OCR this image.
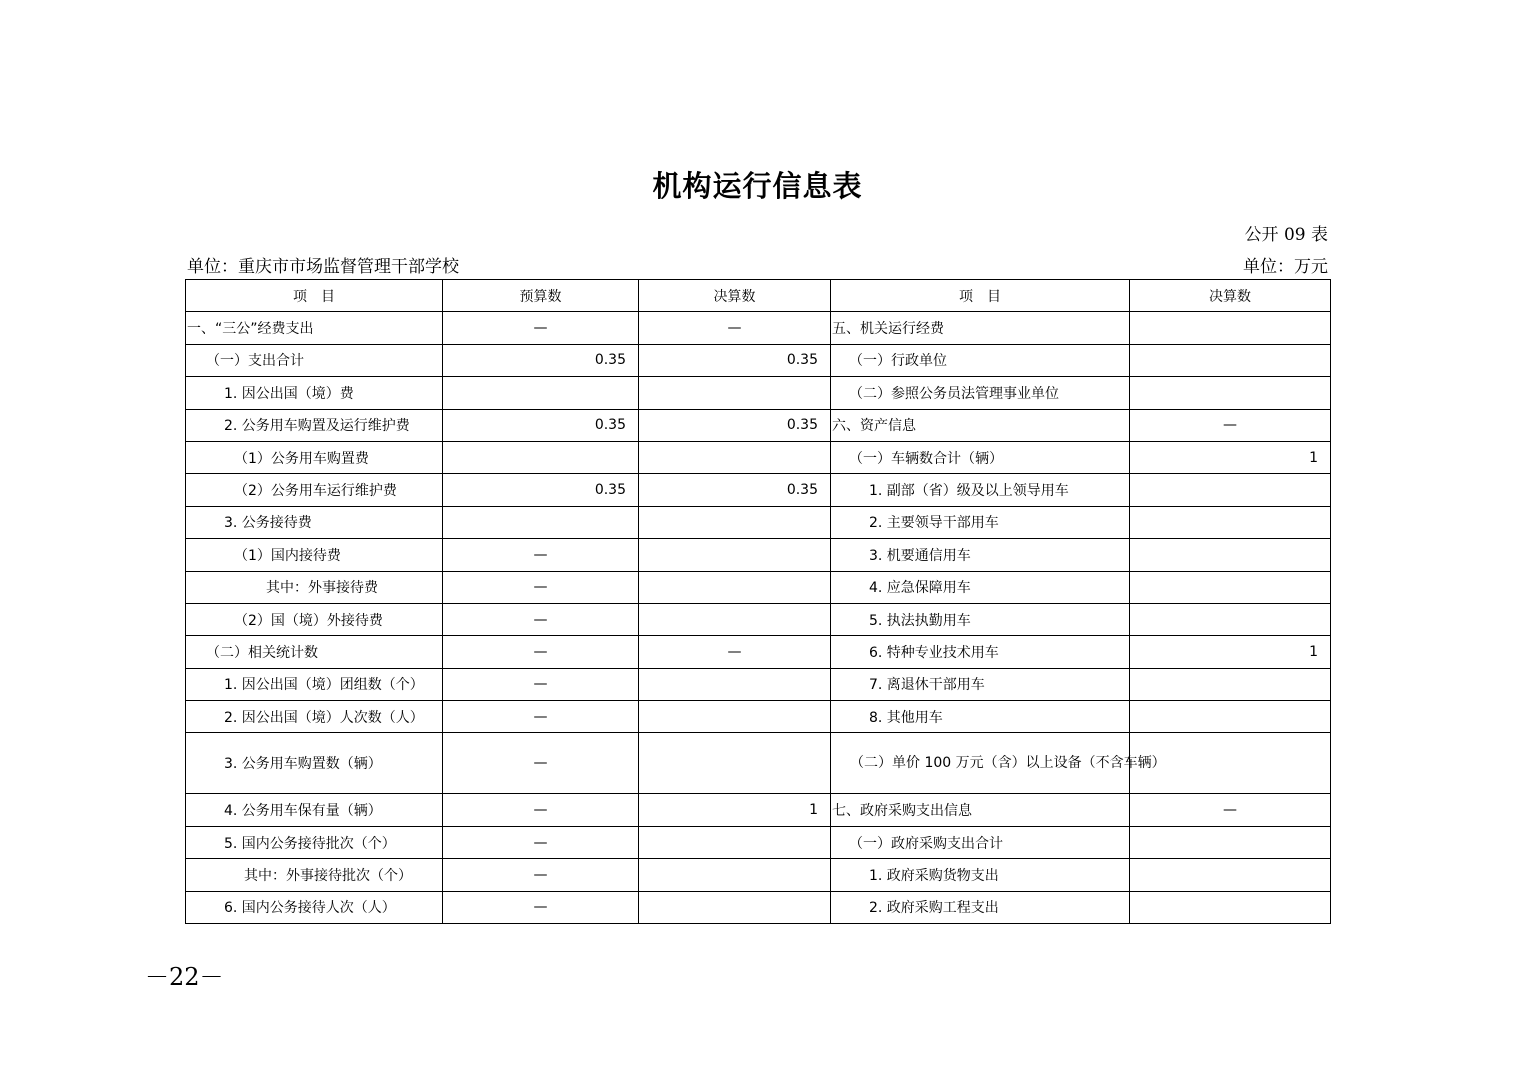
机构运行信息表
公开 09 表
单位：重庆市市场监督管理干部学校	单位：万元
项　目	预算数	决算数	项　目	决算数
一、“三公”经费支出	—	—	五、机关运行经费	
（一）支出合计	0.35	0.35	（一）行政单位	
1. 因公出国（境）费			（二）参照公务员法管理事业单位	
2. 公务用车购置及运行维护费	0.35	0.35	六、资产信息	—
（1）公务用车购置费			（一）车辆数合计（辆）	1
（2）公务用车运行维护费	0.35	0.35	1. 副部（省）级及以上领导用车	
3. 公务接待费			2. 主要领导干部用车	
（1）国内接待费	—		3. 机要通信用车	
其中：外事接待费	—		4. 应急保障用车	
（2）国（境）外接待费	—		5. 执法执勤用车	
（二）相关统计数	—	—	6. 特种专业技术用车	1
1. 因公出国（境）团组数（个）	—		7. 离退休干部用车	
2. 因公出国（境）人次数（人）	—		8. 其他用车	
3. 公务用车购置数（辆）	—		（二）单价 100 万元（含）以上设备（不含车辆）	
4. 公务用车保有量（辆）	—	1	七、政府采购支出信息	—
5. 国内公务接待批次（个）	—		（一）政府采购支出合计	
其中：外事接待批次（个）	—		1. 政府采购货物支出	
6. 国内公务接待人次（人）	—		2. 政府采购工程支出	
－22－
